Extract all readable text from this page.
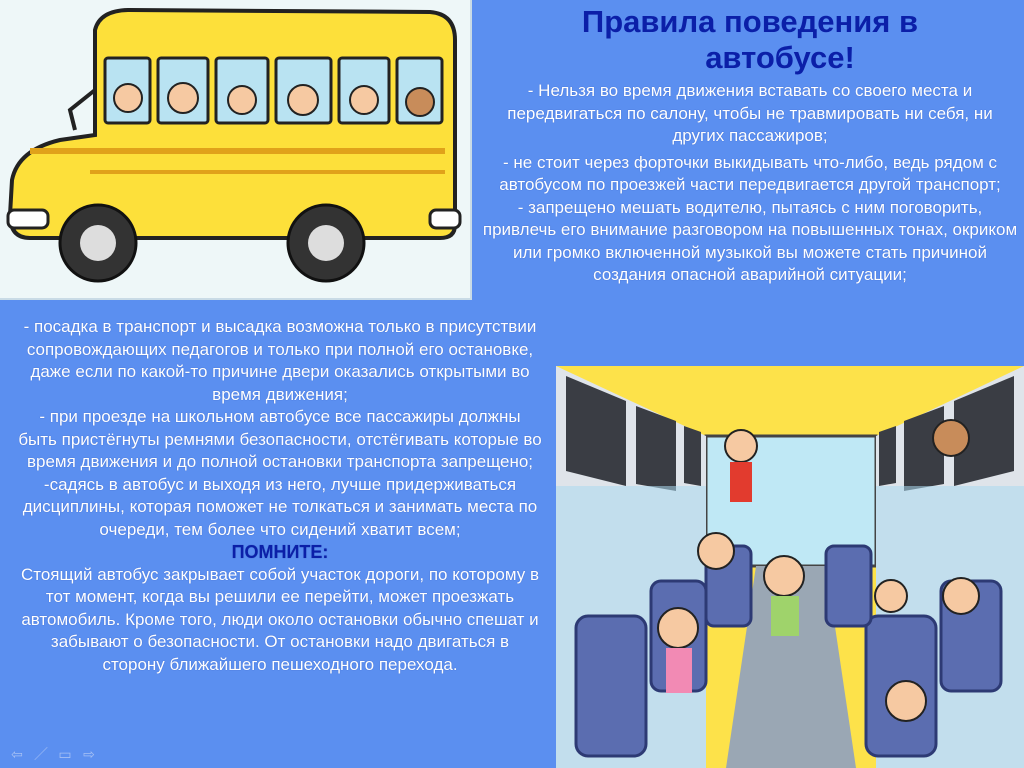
Правила поведения в
автобусе!
- Нельзя во время движения вставать со своего места и передвигаться по салону, чтобы не травмировать ни себя, ни других пассажиров;
- не стоит через форточки выкидывать что-либо, ведь рядом с автобусом по проезжей части передвигается другой транспорт;
- запрещено мешать водителю, пытаясь с ним поговорить, привлечь его внимание разговором на повышенных тонах, окриком или громко включенной музыкой вы можете стать причиной создания опасной аварийной ситуации;
- посадка в транспорт и высадка возможна только в присутствии сопровождающих педагогов и только при полной его остановке, даже если по какой-то причине двери оказались открытыми во время движения;
- при проезде на школьном автобусе все пассажиры должны быть пристёгнуты ремнями безопасности, отстёгивать которые во время движения и до полной остановки транспорта запрещено;
-садясь в автобус и выходя из него, лучше придерживаться дисциплины, которая поможет не толкаться и занимать места по очереди, тем более что сидений хватит всем;
ПОМНИТЕ:
Стоящий автобус закрывает собой участок дороги, по которому в тот момент, когда вы решили ее перейти, может проезжать автомобиль. Кроме того, люди около остановки обычно спешат и забывают о безопасности. От остановки надо двигаться в сторону ближайшего пешеходного перехода.
⇦ ／ ▭ ⇨
